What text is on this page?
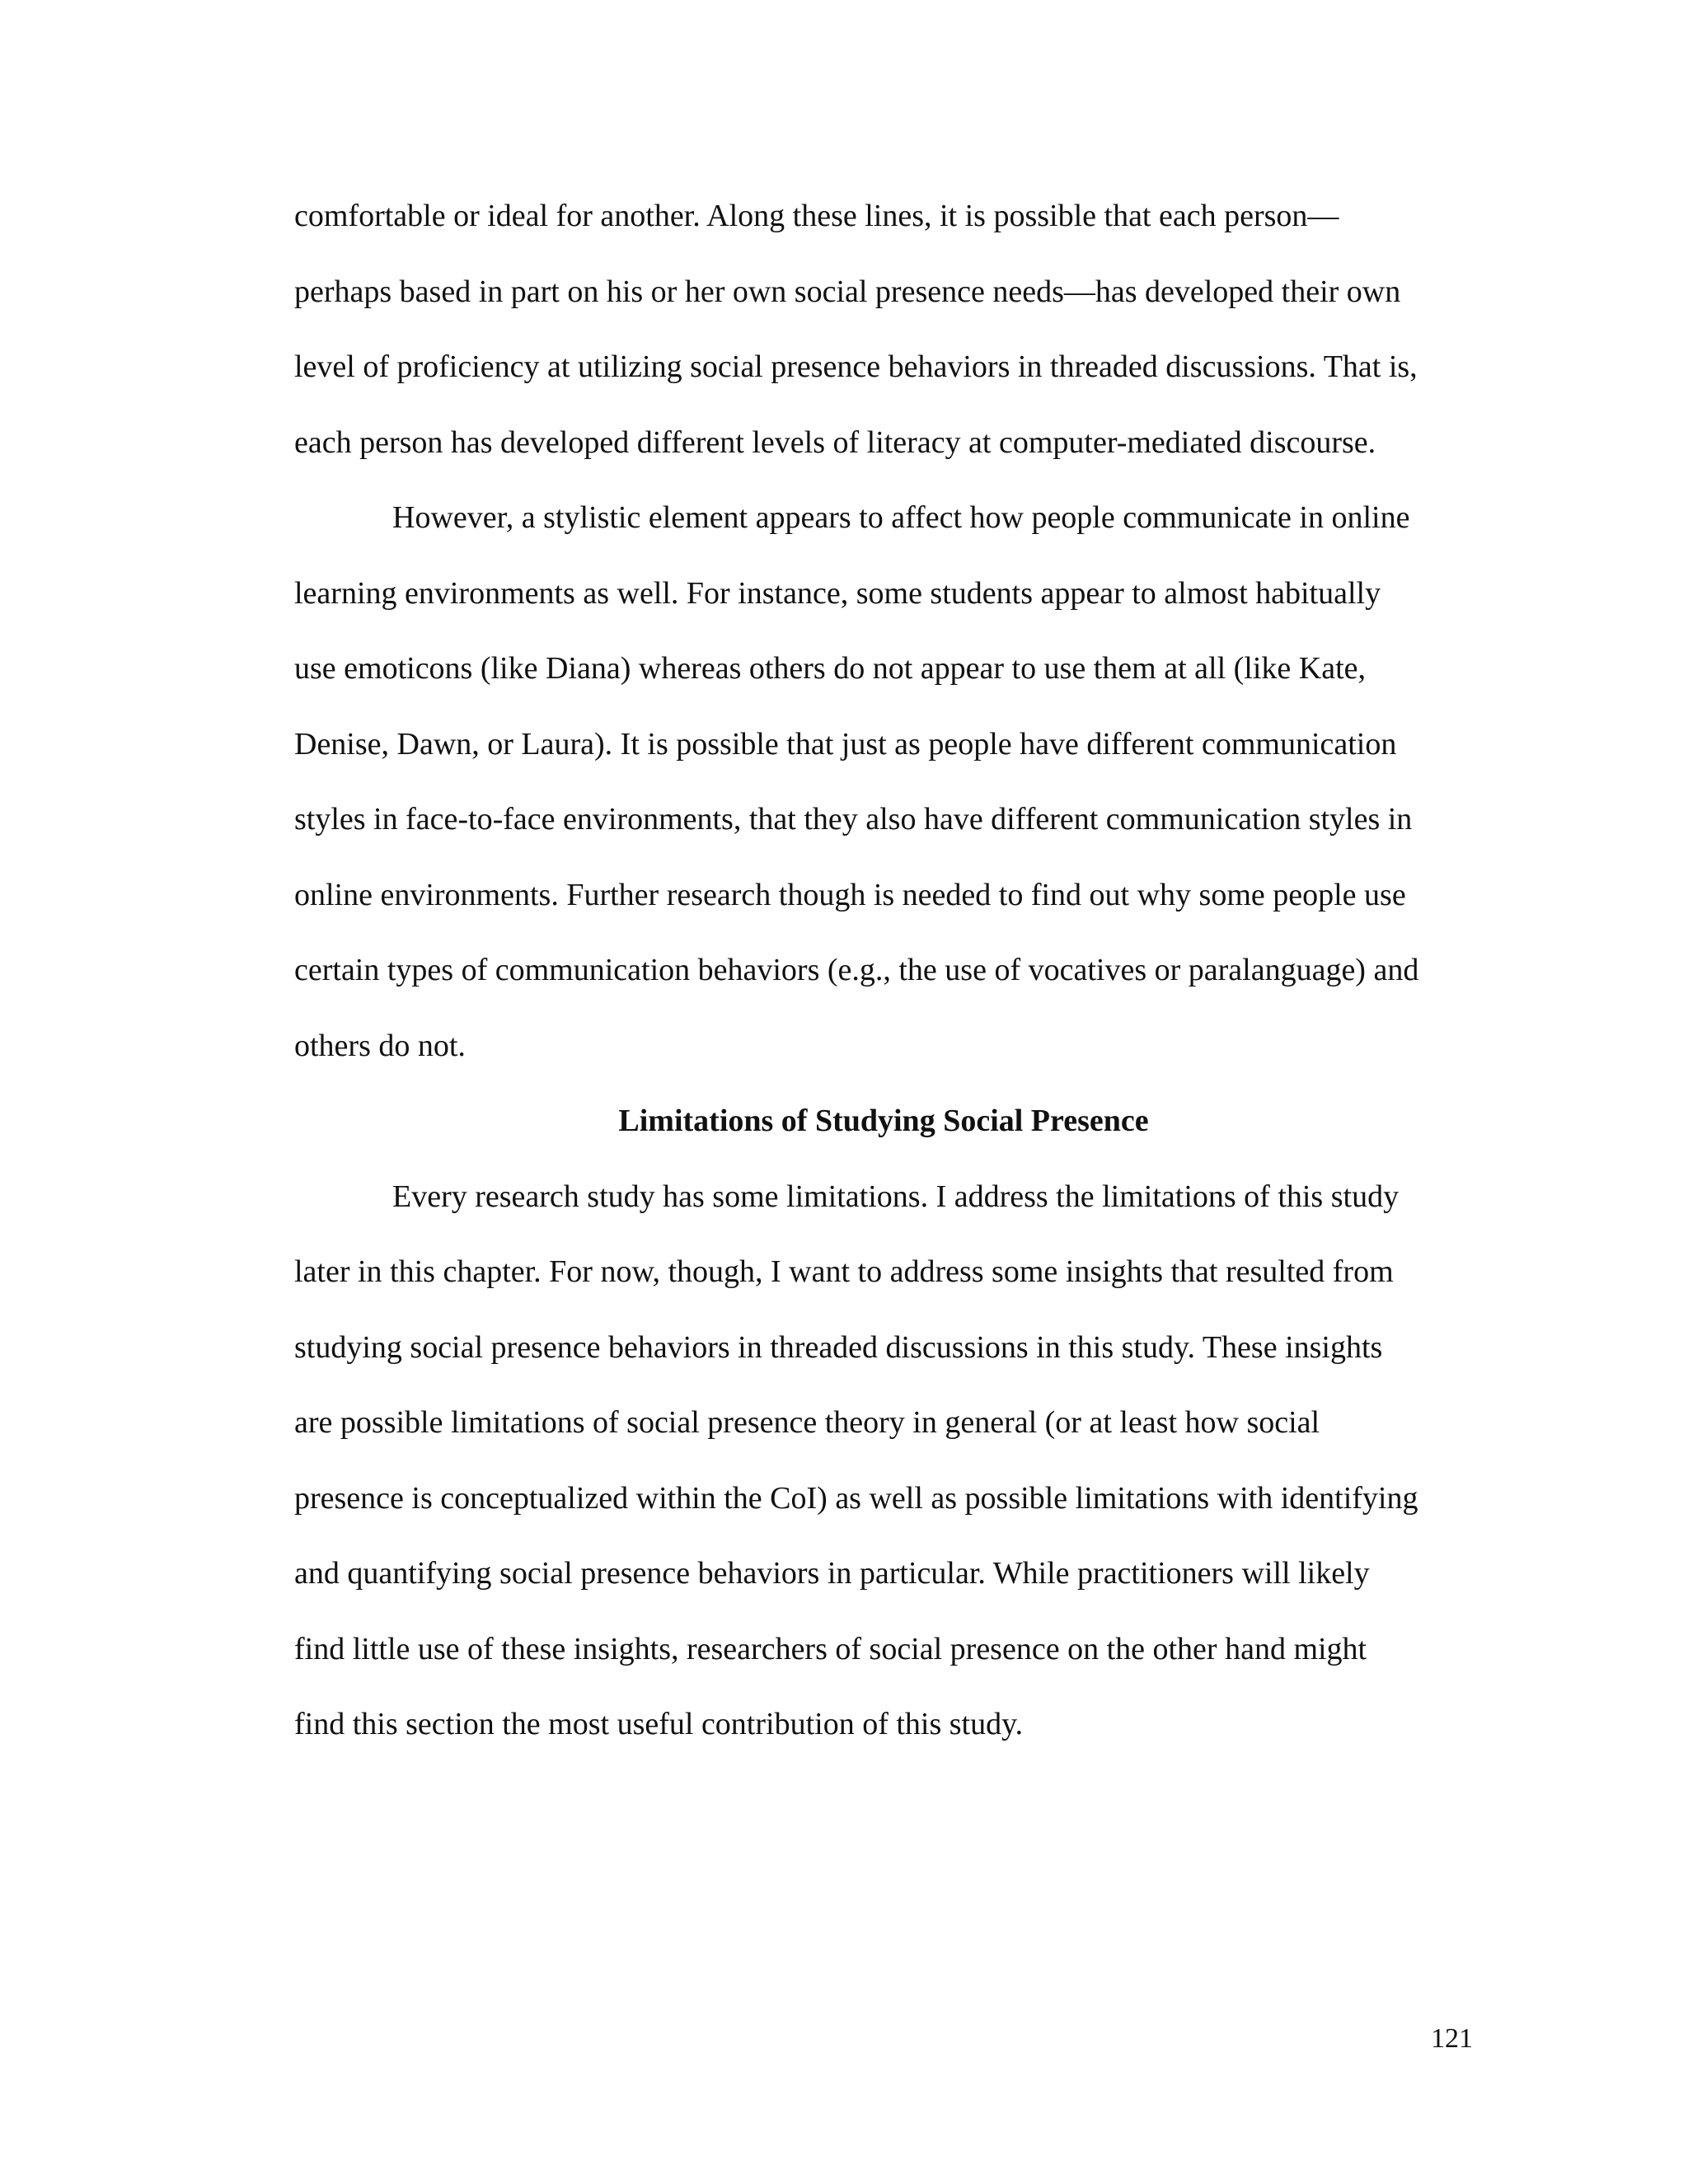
comfortable or ideal for another. Along these lines, it is possible that each person—
perhaps based in part on his or her own social presence needs—has developed their own
level of proficiency at utilizing social presence behaviors in threaded discussions. That is,
each person has developed different levels of literacy at computer-mediated discourse.
However, a stylistic element appears to affect how people communicate in online
learning environments as well. For instance, some students appear to almost habitually
use emoticons (like Diana) whereas others do not appear to use them at all (like Kate,
Denise, Dawn, or Laura). It is possible that just as people have different communication
styles in face-to-face environments, that they also have different communication styles in
online environments. Further research though is needed to find out why some people use
certain types of communication behaviors (e.g., the use of vocatives or paralanguage) and
others do not.
Limitations of Studying Social Presence
Every research study has some limitations. I address the limitations of this study
later in this chapter. For now, though, I want to address some insights that resulted from
studying social presence behaviors in threaded discussions in this study. These insights
are possible limitations of social presence theory in general (or at least how social
presence is conceptualized within the CoI) as well as possible limitations with identifying
and quantifying social presence behaviors in particular. While practitioners will likely
find little use of these insights, researchers of social presence on the other hand might
find this section the most useful contribution of this study.
121
